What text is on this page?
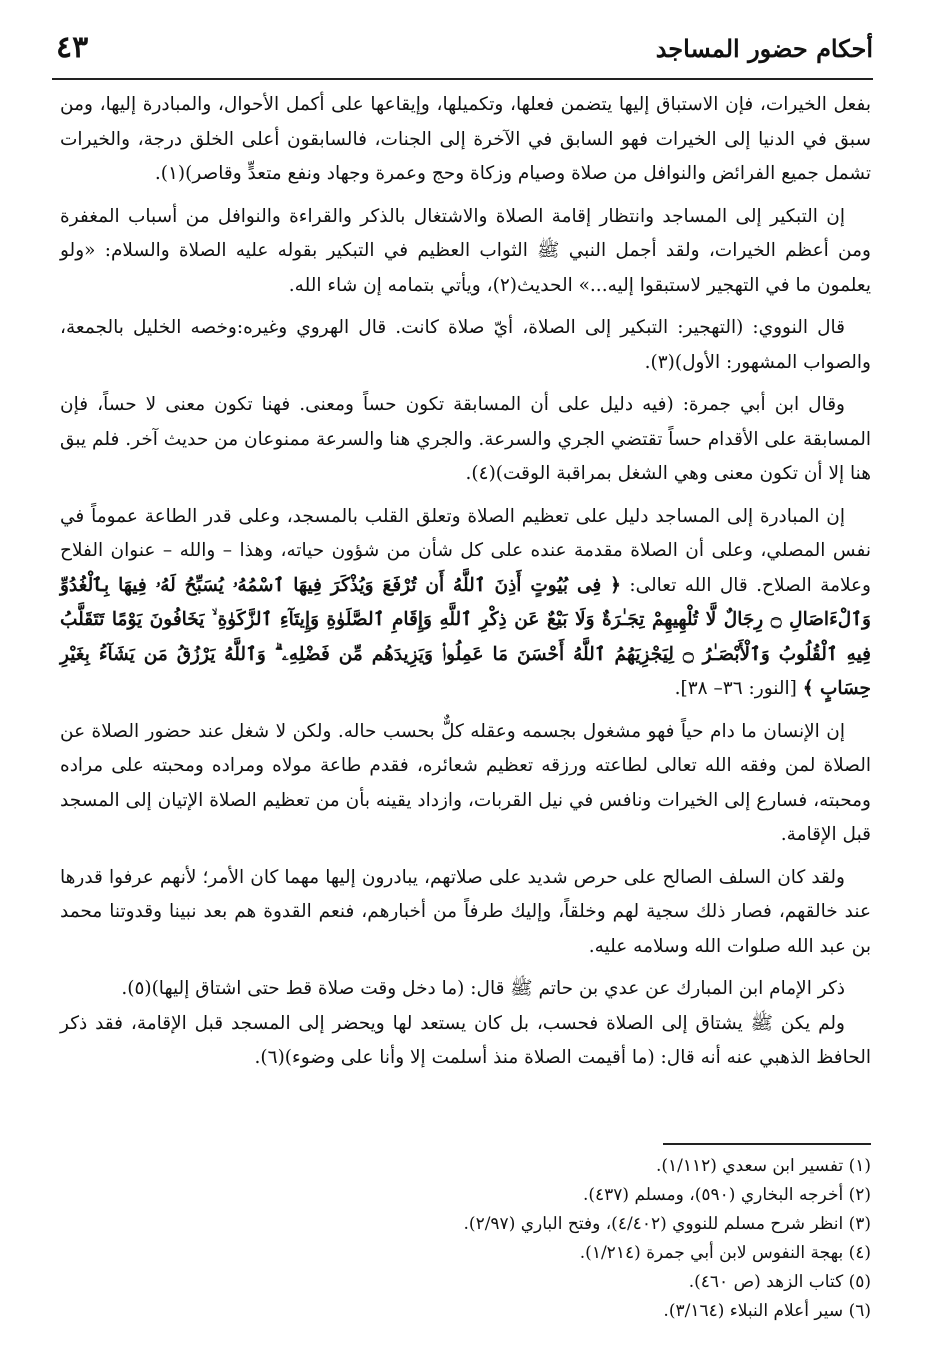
أحكام حضور المساجد
٤٣

بفعل الخيرات، فإن الاستباق إليها يتضمن فعلها، وتكميلها، وإيقاعها على أكمل الأحوال، والمبادرة إليها، ومن سبق في الدنيا إلى الخيرات فهو السابق في الآخرة إلى الجنات، فالسابقون أعلى الخلق درجة، والخيرات تشمل جميع الفرائض والنوافل من صلاة وصيام وزكاة وحج وعمرة وجهاد ونفع متعدٍّ وقاصر)(١).

إن التبكير إلى المساجد وانتظار إقامة الصلاة والاشتغال بالذكر والقراءة والنوافل من أسباب المغفرة ومن أعظم الخيرات، ولقد أجمل النبي ﷺ الثواب العظيم في التبكير بقوله عليه الصلاة والسلام: «ولو يعلمون ما في التهجير لاستبقوا إليه...» الحديث(٢)، ويأتي بتمامه إن شاء الله.

قال النووي: (التهجير: التبكير إلى الصلاة، أيّ صلاة كانت. قال الهروي وغيره:وخصه الخليل بالجمعة، والصواب المشهور: الأول)(٣).

وقال ابن أبي جمرة: (فيه دليل على أن المسابقة تكون حساً ومعنى. فهنا تكون معنى لا حساً، فإن المسابقة على الأقدام حساً تقتضي الجري والسرعة. والجري هنا والسرعة ممنوعان من حديث آخر. فلم يبق هنا إلا أن تكون معنى وهي الشغل بمراقبة الوقت)(٤).

إن المبادرة إلى المساجد دليل على تعظيم الصلاة وتعلق القلب بالمسجد، وعلى قدر الطاعة عموماً في نفس المصلي، وعلى أن الصلاة مقدمة عنده على كل شأن من شؤون حياته، وهذا – والله – عنوان الفلاح وعلامة الصلاح. قال الله تعالى: ﴿ فِى بُيُوتٍ أَذِنَ ٱللَّهُ أَن تُرْفَعَ وَيُذْكَرَ فِيهَا ٱسْمُهُۥ يُسَبِّحُ لَهُۥ فِيهَا بِٱلْغُدُوِّ وَٱلْءَاصَالِ ۝ رِجَالٌ لَّا تُلْهِيهِمْ تِجَـٰرَةٌ وَلَا بَيْعٌ عَن ذِكْرِ ٱللَّهِ وَإِقَامِ ٱلصَّلَوٰةِ وَإِيتَآءِ ٱلزَّكَوٰةِ ۙ يَخَافُونَ يَوْمًا تَتَقَلَّبُ فِيهِ ٱلْقُلُوبُ وَٱلْأَبْصَـٰرُ ۝ لِيَجْزِيَهُمُ ٱللَّهُ أَحْسَنَ مَا عَمِلُوا۟ وَيَزِيدَهُم مِّن فَضْلِهِۦ ۗ وَٱللَّهُ يَرْزُقُ مَن يَشَآءُ بِغَيْرِ حِسَابٍ ﴾ [النور: ٣٦– ٣٨].

إن الإنسان ما دام حياً فهو مشغول بجسمه وعقله كلٌّ بحسب حاله. ولكن لا شغل عند حضور الصلاة عن الصلاة لمن وفقه الله تعالى لطاعته ورزقه تعظيم شعائره، فقدم طاعة مولاه ومراده ومحبته على مراده ومحبته، فسارع إلى الخيرات ونافس في نيل القربات، وازداد يقينه بأن من تعظيم الصلاة الإتيان إلى المسجد قبل الإقامة.

ولقد كان السلف الصالح على حرص شديد على صلاتهم، يبادرون إليها مهما كان الأمر؛ لأنهم عرفوا قدرها عند خالقهم، فصار ذلك سجية لهم وخلقاً، وإليك طرفاً من أخبارهم، فنعم القدوة هم بعد نبينا وقدوتنا محمد بن عبد الله صلوات الله وسلامه عليه.

ذكر الإمام ابن المبارك عن عدي بن حاتم ﷺ قال: (ما دخل وقت صلاة قط حتى اشتاق إليها)(٥).

ولم يكن ﷺ يشتاق إلى الصلاة فحسب، بل كان يستعد لها ويحضر إلى المسجد قبل الإقامة، فقد ذكر الحافظ الذهبي عنه أنه قال: (ما أقيمت الصلاة منذ أسلمت إلا وأنا على وضوء)(٦).

(١) تفسير ابن سعدي (١/١١٢).
(٢) أخرجه البخاري (٥٩٠)، ومسلم (٤٣٧).
(٣) انظر شرح مسلم للنووي (٤/٤٠٢)، وفتح الباري (٢/٩٧).
(٤) بهجة النفوس لابن أبي جمرة (١/٢١٤).
(٥) كتاب الزهد (ص ٤٦٠).
(٦) سير أعلام النبلاء (٣/١٦٤).
